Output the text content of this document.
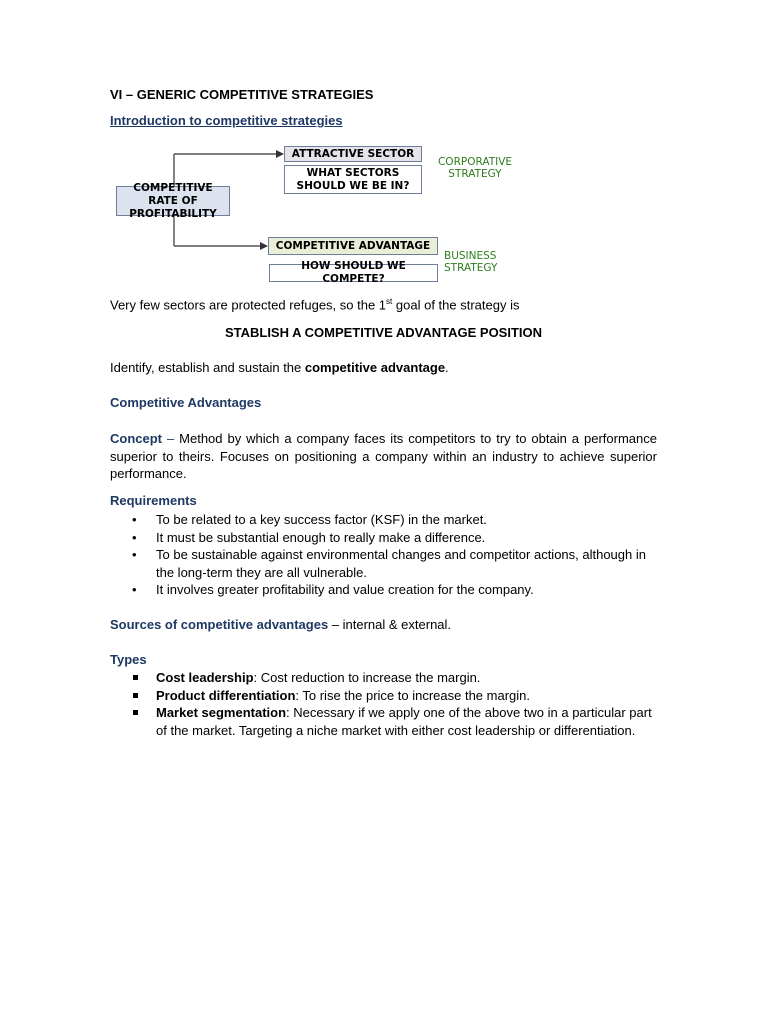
VI – GENERIC COMPETITIVE STRATEGIES
Introduction to competitive strategies
COMPETITIVE RATE OF PROFITABILITY
ATTRACTIVE SECTOR
WHAT SECTORS SHOULD WE BE IN?
CORPORATIVE STRATEGY
COMPETITIVE ADVANTAGE
HOW SHOULD WE COMPETE?
BUSINESS STRATEGY
Very few sectors are protected refuges, so the 1st goal of the strategy is
STABLISH A COMPETITIVE ADVANTAGE POSITION
Identify, establish and sustain the competitive advantage.
Competitive Advantages
Concept – Method by which a company faces its competitors to try to obtain a performance superior to theirs. Focuses on positioning a company within an industry to achieve superior performance.
Requirements
• To be related to a key success factor (KSF) in the market.
• It must be substantial enough to really make a difference.
• To be sustainable against environmental changes and competitor actions, although in the long-term they are all vulnerable.
• It involves greater profitability and value creation for the company.
Sources of competitive advantages – internal & external.
Types
Cost leadership: Cost reduction to increase the margin.
Product differentiation: To rise the price to increase the margin.
Market segmentation: Necessary if we apply one of the above two in a particular part of the market. Targeting a niche market with either cost leadership or differentiation.
